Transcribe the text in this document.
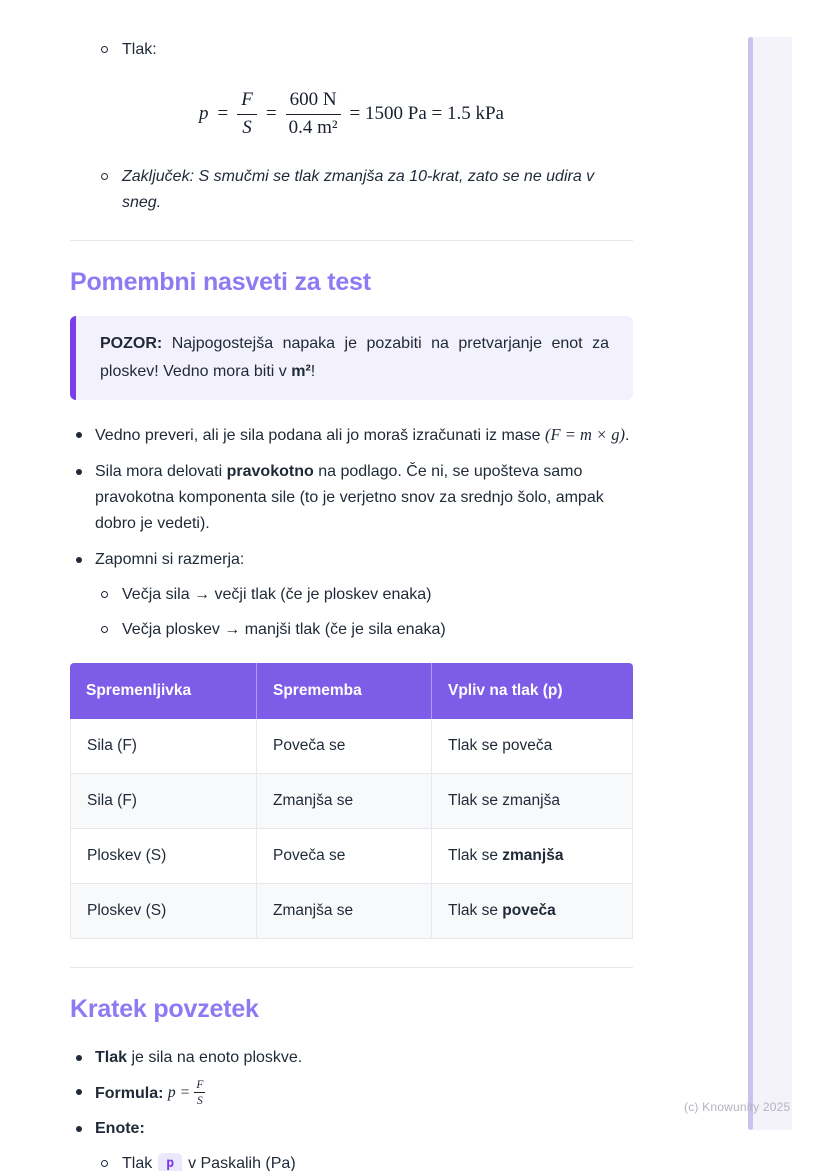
Tlak:
$p = \frac{F}{S} = \frac{600 N}{\text{0.4 m²}} = 1500$ Pa = 1.5 kPa
Zaključek: S smučmi se tlak zmanjša za 10-krat, zato se ne udira v sneg.
Pomembni nasveti za test

POZOR: Najpogostejša napaka je pozabiti na pretvarjanje enot za ploskev! Vedno mora biti v m²!

Vedno preveri, ali je sila podana ali jo moraš izračunati iz mase (F = m × g).
Sila mora delovati pravokotno na podlago. Če ni, se upošteva samo pravokotna komponenta sile (to je verjetno snov za srednjo šolo, ampak dobro je vedeti).
Zapomni si razmerja:
Večja sila → večji tlak (če je ploskev enaka)
Večja ploskev → manjši tlak (če je sila enaka)
Spremenljivka	Sprememba	Vpliv na tlak (p)
Sila (F)	Poveča se	Tlak se poveča
Sila (F)	Zmanjša se	Tlak se zmanjša
Ploskev (S)	Poveča se	Tlak se zmanjša
Ploskev (S)	Zmanjša se	Tlak se poveča
Kratek povzetek
Tlak je sila na enoto ploskve.
Formula: $p = \frac{F}{S}$
Enote:
Tlak p v Paskalih (Pa)
(c) Knowunity 2025
